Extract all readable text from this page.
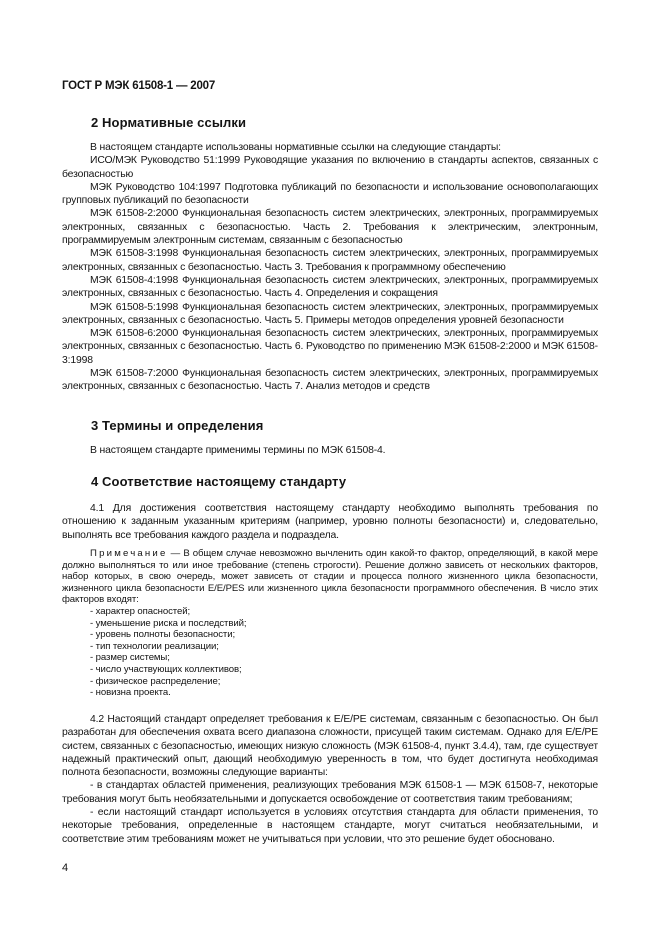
ГОСТ Р МЭК 61508-1 — 2007
2 Нормативные ссылки
В настоящем стандарте использованы нормативные ссылки на следующие стандарты:
ИСО/МЭК Руководство 51:1999 Руководящие указания по включению в стандарты аспектов, связанных с безопасностью
МЭК Руководство 104:1997 Подготовка публикаций по безопасности и использование основополагающих групповых публикаций по безопасности
МЭК 61508-2:2000 Функциональная безопасность систем электрических, электронных, программируемых электронных, связанных с безопасностью. Часть 2. Требования к электрическим, электронным, программируемым электронным системам, связанным с безопасностью
МЭК 61508-3:1998 Функциональная безопасность систем электрических, электронных, программируемых электронных, связанных с безопасностью. Часть 3. Требования к программному обеспечению
МЭК 61508-4:1998 Функциональная безопасность систем электрических, электронных, программируемых электронных, связанных с безопасностью. Часть 4. Определения и сокращения
МЭК 61508-5:1998 Функциональная безопасность систем электрических, электронных, программируемых электронных, связанных с безопасностью. Часть 5. Примеры методов определения уровней безопасности
МЭК 61508-6:2000 Функциональная безопасность систем электрических, электронных, программируемых электронных, связанных с безопасностью. Часть 6. Руководство по применению МЭК 61508-2:2000 и МЭК 61508-3:1998
МЭК 61508-7:2000 Функциональная безопасность систем электрических, электронных, программируемых электронных, связанных с безопасностью. Часть 7. Анализ методов и средств
3 Термины и определения
В настоящем стандарте применимы термины по МЭК 61508-4.
4 Соответствие настоящему стандарту
4.1 Для достижения соответствия настоящему стандарту необходимо выполнять требования по отношению к заданным указанным критериям (например, уровню полноты безопасности) и, следовательно, выполнять все требования каждого раздела и подраздела.
Примечание — В общем случае невозможно вычленить один какой-то фактор, определяющий, в какой мере должно выполняться то или иное требование (степень строгости). Решение должно зависеть от нескольких факторов, набор которых, в свою очередь, может зависеть от стадии и процесса полного жизненного цикла безопасности, жизненного цикла безопасности E/E/PES или жизненного цикла безопасности программного обеспечения. В число этих факторов входят:
- характер опасностей;
- уменьшение риска и последствий;
- уровень полноты безопасности;
- тип технологии реализации;
- размер системы;
- число участвующих коллективов;
- физическое распределение;
- новизна проекта.
4.2 Настоящий стандарт определяет требования к E/E/PE системам, связанным с безопасностью. Он был разработан для обеспечения охвата всего диапазона сложности, присущей таким системам. Однако для E/E/PE систем, связанных с безопасностью, имеющих низкую сложность (МЭК 61508-4, пункт 3.4.4), там, где существует надежный практический опыт, дающий необходимую уверенность в том, что будет достигнута необходимая полнота безопасности, возможны следующие варианты:
- в стандартах областей применения, реализующих требования МЭК 61508-1 — МЭК 61508-7, некоторые требования могут быть необязательными и допускается освобождение от соответствия таким требованиям;
- если настоящий стандарт используется в условиях отсутствия стандарта для области применения, то некоторые требования, определенные в настоящем стандарте, могут считаться необязательными, и соответствие этим требованиям может не учитываться при условии, что это решение будет обосновано.
4
